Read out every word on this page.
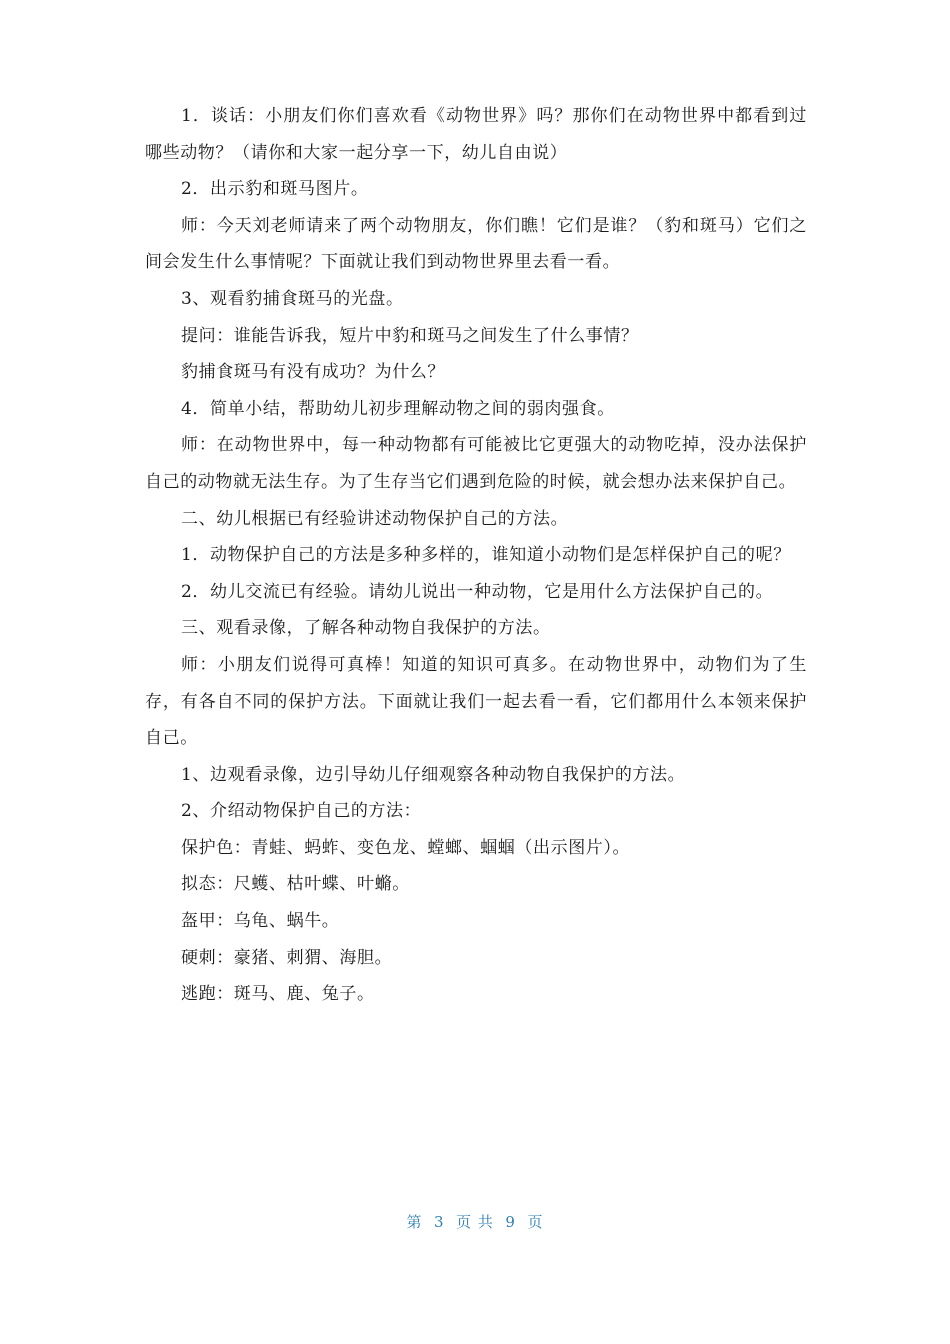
1．谈话：小朋友们你们喜欢看《动物世界》吗？那你们在动物世界中都看到过哪些动物？（请你和大家一起分享一下，幼儿自由说）

2．出示豹和斑马图片。

师：今天刘老师请来了两个动物朋友，你们瞧！它们是谁？（豹和斑马）它们之间会发生什么事情呢？下面就让我们到动物世界里去看一看。

3、观看豹捕食斑马的光盘。

提问：谁能告诉我，短片中豹和斑马之间发生了什么事情？

豹捕食斑马有没有成功？为什么？

4．简单小结，帮助幼儿初步理解动物之间的弱肉强食。

师：在动物世界中，每一种动物都有可能被比它更强大的动物吃掉，没办法保护自己的动物就无法生存。为了生存当它们遇到危险的时候，就会想办法来保护自己。

二、幼儿根据已有经验讲述动物保护自己的方法。

1．动物保护自己的方法是多种多样的，谁知道小动物们是怎样保护自己的呢？

2．幼儿交流已有经验。请幼儿说出一种动物，它是用什么方法保护自己的。

三、观看录像，了解各种动物自我保护的方法。

师：小朋友们说得可真棒！知道的知识可真多。在动物世界中，动物们为了生存，有各自不同的保护方法。下面就让我们一起去看一看，它们都用什么本领来保护自己。

1、边观看录像，边引导幼儿仔细观察各种动物自我保护的方法。

2、介绍动物保护自己的方法：

保护色：青蛙、蚂蚱、变色龙、螳螂、蝈蝈（出示图片）。

拟态：尺蠖、枯叶蝶、叶䗛。

盔甲：乌龟、蜗牛。

硬刺：豪猪、刺猬、海胆。

逃跑：斑马、鹿、兔子。

第  3  页 共  9  页
